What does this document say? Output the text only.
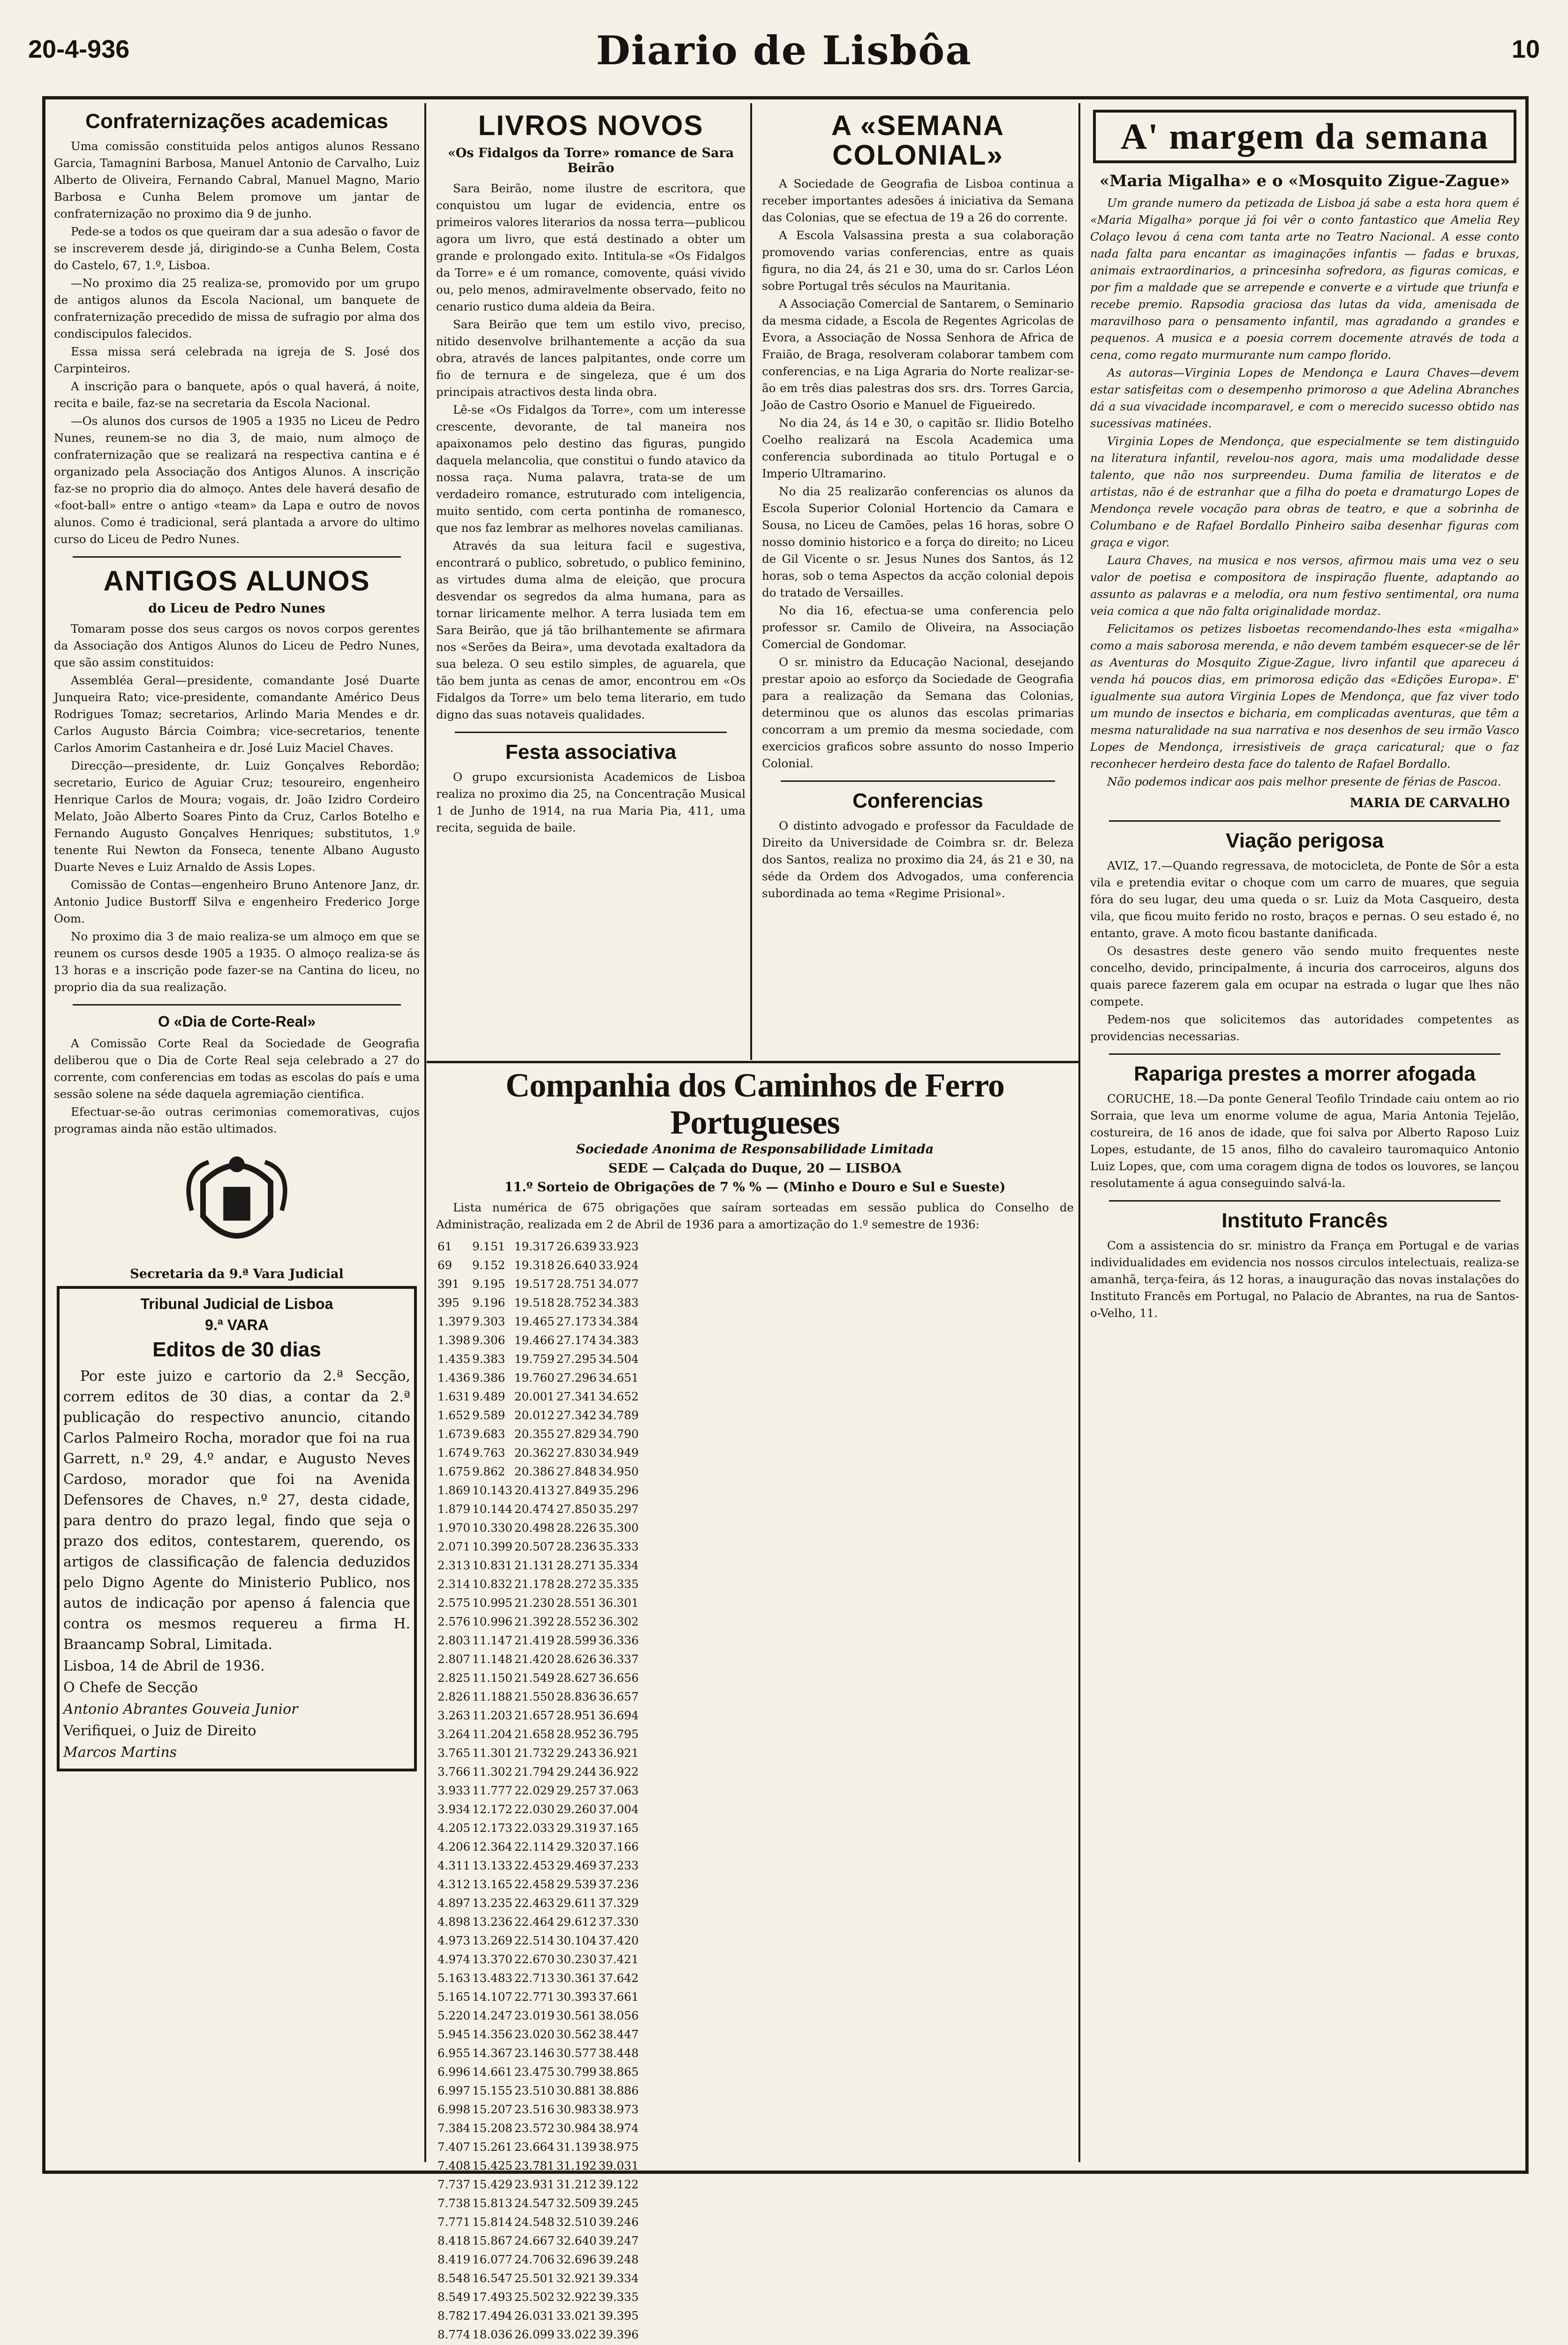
20-4-936	Diario de Lisbôa	10
Confraternizações academicas

Uma comissão constituida pelos antigos alunos Ressano Garcia, Tamagnini Barbosa, Manuel Antonio de Carvalho, Luiz Alberto de Oliveira, Fernando Cabral, Manuel Magno, Mario Barbosa e Cunha Belem promove um jantar de confraternização no proximo dia 9 de junho.

Pede-se a todos os que queiram dar a sua adesão o favor de se inscreverem desde já, dirigindo-se a Cunha Belem, Costa do Castelo, 67, 1.º, Lisboa.

—No proximo dia 25 realiza-se, promovido por um grupo de antigos alunos da Escola Nacional, um banquete de confraternização precedido de missa de sufragio por alma dos condiscipulos falecidos.

Essa missa será celebrada na igreja de S. José dos Carpinteiros.

A inscrição para o banquete, após o qual haverá, á noite, recita e baile, faz-se na secretaria da Escola Nacional.

—Os alunos dos cursos de 1905 a 1935 no Liceu de Pedro Nunes, reunem-se no dia 3, de maio, num almoço de confraternização que se realizará na respectiva cantina e é organizado pela Associação dos Antigos Alunos. A inscrição faz-se no proprio dia do almoço. Antes dele haverá desafio de «foot-ball» entre o antigo «team» da Lapa e outro de novos alunos. Como é tradicional, será plantada a arvore do ultimo curso do Liceu de Pedro Nunes.

ANTIGOS ALUNOS
do Liceu de Pedro Nunes

Tomaram posse dos seus cargos os novos corpos gerentes da Associação dos Antigos Alunos do Liceu de Pedro Nunes, que são assim constituidos:

Assembléa Geral—presidente, comandante José Duarte Junqueira Rato; vice-presidente, comandante Américo Deus Rodrigues Tomaz; secretarios, Arlindo Maria Mendes e dr. Carlos Augusto Bárcia Coimbra; vice-secretarios, tenente Carlos Amorim Castanheira e dr. José Luiz Maciel Chaves.

Direcção—presidente, dr. Luiz Gonçalves Rebordão; secretario, Eurico de Aguiar Cruz; tesoureiro, engenheiro Henrique Carlos de Moura; vogais, dr. João Izidro Cordeiro Melato, João Alberto Soares Pinto da Cruz, Carlos Botelho e Fernando Augusto Gonçalves Henriques; substitutos, 1.º tenente Rui Newton da Fonseca, tenente Albano Augusto Duarte Neves e Luiz Arnaldo de Assis Lopes.

Comissão de Contas—engenheiro Bruno Antenore Janz, dr. Antonio Judice Bustorff Silva e engenheiro Frederico Jorge Oom.

No proximo dia 3 de maio realiza-se um almoço em que se reunem os cursos desde 1905 a 1935. O almoço realiza-se ás 13 horas e a inscrição pode fazer-se na Cantina do liceu, no proprio dia da sua realização.

O «Dia de Corte-Real»

A Comissão Corte Real da Sociedade de Geografia deliberou que o Dia de Corte Real seja celebrado a 27 do corrente, com conferencias em todas as escolas do país e uma sessão solene na séde daquela agremiação cientifica.

Efectuar-se-ão outras cerimonias comemorativas, cujos programas ainda não estão ultimados.

Secretaria da 9.ª Vara Judicial
Tribunal Judicial de Lisboa
9.ª VARA
Editos de 30 dias

Por este juizo e cartorio da 2.ª Secção, correm editos de 30 dias, a contar da 2.ª publicação do respectivo anuncio, citando Carlos Palmeiro Rocha, morador que foi na rua Garrett, n.º 29, 4.º andar, e Augusto Neves Cardoso, morador que foi na Avenida Defensores de Chaves, n.º 27, desta cidade, para dentro do prazo legal, findo que seja o prazo dos editos, contestarem, querendo, os artigos de classificação de falencia deduzidos pelo Digno Agente do Ministerio Publico, nos autos de indicação por apenso á falencia que contra os mesmos requereu a firma H. Braancamp Sobral, Limitada.

Lisboa, 14 de Abril de 1936.

O Chefe de Secção

Antonio Abrantes Gouveia Junior

Verifiquei, o Juiz de Direito

Marcos Martins

LIVROS NOVOS
«Os Fidalgos da Torre» romance de Sara Beirão

Sara Beirão, nome ilustre de escritora, que conquistou um lugar de evidencia, entre os primeiros valores literarios da nossa terra—publicou agora um livro, que está destinado a obter um grande e prolongado exito. Intitula-se «Os Fidalgos da Torre» e é um romance, comovente, quási vivido ou, pelo menos, admiravelmente observado, feito no cenario rustico duma aldeia da Beira.

Sara Beirão que tem um estilo vivo, preciso, nitido desenvolve brilhantemente a acção da sua obra, através de lances palpitantes, onde corre um fio de ternura e de singeleza, que é um dos principais atractivos desta linda obra.

Lê-se «Os Fidalgos da Torre», com um interesse crescente, devorante, de tal maneira nos apaixonamos pelo destino das figuras, pungido daquela melancolia, que constitui o fundo atavico da nossa raça. Numa palavra, trata-se de um verdadeiro romance, estruturado com inteligencia, muito sentido, com certa pontinha de romanesco, que nos faz lembrar as melhores novelas camilianas.

Através da sua leitura facil e sugestiva, encontrará o publico, sobretudo, o publico feminino, as virtudes duma alma de eleição, que procura desvendar os segredos da alma humana, para as tornar liricamente melhor. A terra lusiada tem em Sara Beirão, que já tão brilhantemente se afirmara nos «Serões da Beira», uma devotada exaltadora da sua beleza. O seu estilo simples, de aguarela, que tão bem junta as cenas de amor, encontrou em «Os Fidalgos da Torre» um belo tema literario, em tudo digno das suas notaveis qualidades.

Festa associativa

O grupo excursionista Academicos de Lisboa realiza no proximo dia 25, na Concentração Musical 1 de Junho de 1914, na rua Maria Pia, 411, uma recita, seguida de baile.

A «SEMANA COLONIAL»

A Sociedade de Geografia de Lisboa continua a receber importantes adesões á iniciativa da Semana das Colonias, que se efectua de 19 a 26 do corrente.

A Escola Valsassina presta a sua colaboração promovendo varias conferencias, entre as quais figura, no dia 24, ás 21 e 30, uma do sr. Carlos Léon sobre Portugal três séculos na Mauritania.

A Associação Comercial de Santarem, o Seminario da mesma cidade, a Escola de Regentes Agricolas de Evora, a Associação de Nossa Senhora de Africa de Fraião, de Braga, resolveram colaborar tambem com conferencias, e na Liga Agraria do Norte realizar-se-ão em três dias palestras dos srs. drs. Torres Garcia, João de Castro Osorio e Manuel de Figueiredo.

No dia 24, ás 14 e 30, o capitão sr. Ilidio Botelho Coelho realizará na Escola Academica uma conferencia subordinada ao titulo Portugal e o Imperio Ultramarino.

No dia 25 realizarão conferencias os alunos da Escola Superior Colonial Hortencio da Camara e Sousa, no Liceu de Camões, pelas 16 horas, sobre O nosso dominio historico e a força do direito; no Liceu de Gil Vicente o sr. Jesus Nunes dos Santos, ás 12 horas, sob o tema Aspectos da acção colonial depois do tratado de Versailles.

No dia 16, efectua-se uma conferencia pelo professor sr. Camilo de Oliveira, na Associação Comercial de Gondomar.

O sr. ministro da Educação Nacional, desejando prestar apoio ao esforço da Sociedade de Geografia para a realização da Semana das Colonias, determinou que os alunos das escolas primarias concorram a um premio da mesma sociedade, com exercicios graficos sobre assunto do nosso Imperio Colonial.

Conferencias

O distinto advogado e professor da Faculdade de Direito da Universidade de Coimbra sr. dr. Beleza dos Santos, realiza no proximo dia 24, ás 21 e 30, na séde da Ordem dos Advogados, uma conferencia subordinada ao tema «Regime Prisional».

Companhia dos Caminhos de Ferro Portugueses
Sociedade Anonima de Responsabilidade Limitada
SEDE — Calçada do Duque, 20 — LISBOA
11.º Sorteio de Obrigações de 7 % % — (Minho e Douro e Sul e Sueste)

Lista numérica de 675 obrigações que saíram sorteadas em sessão publica do Conselho de Administração, realizada em 2 de Abril de 1936 para a amortização do 1.º semestre de 1936:

61	9.151	19.317	26.639	33.923
69	9.152	19.318	26.640	33.924
391	9.195	19.517	28.751	34.077
395	9.196	19.518	28.752	34.383
1.397	9.303	19.465	27.173	34.384
1.398	9.306	19.466	27.174	34.383
1.435	9.383	19.759	27.295	34.504
1.436	9.386	19.760	27.296	34.651
1.631	9.489	20.001	27.341	34.652
1.652	9.589	20.012	27.342	34.789
1.673	9.683	20.355	27.829	34.790
1.674	9.763	20.362	27.830	34.949
1.675	9.862	20.386	27.848	34.950
1.869	10.143	20.413	27.849	35.296
1.879	10.144	20.474	27.850	35.297
1.970	10.330	20.498	28.226	35.300
2.071	10.399	20.507	28.236	35.333
2.313	10.831	21.131	28.271	35.334
2.314	10.832	21.178	28.272	35.335
2.575	10.995	21.230	28.551	36.301
2.576	10.996	21.392	28.552	36.302
2.803	11.147	21.419	28.599	36.336
2.807	11.148	21.420	28.626	36.337
2.825	11.150	21.549	28.627	36.656
2.826	11.188	21.550	28.836	36.657
3.263	11.203	21.657	28.951	36.694
3.264	11.204	21.658	28.952	36.795
3.765	11.301	21.732	29.243	36.921
3.766	11.302	21.794	29.244	36.922
3.933	11.777	22.029	29.257	37.063
3.934	12.172	22.030	29.260	37.004
4.205	12.173	22.033	29.319	37.165
4.206	12.364	22.114	29.320	37.166
4.311	13.133	22.453	29.469	37.233
4.312	13.165	22.458	29.539	37.236
4.897	13.235	22.463	29.611	37.329
4.898	13.236	22.464	29.612	37.330
4.973	13.269	22.514	30.104	37.420
4.974	13.370	22.670	30.230	37.421
5.163	13.483	22.713	30.361	37.642
5.165	14.107	22.771	30.393	37.661
5.220	14.247	23.019	30.561	38.056
5.945	14.356	23.020	30.562	38.447
6.955	14.367	23.146	30.577	38.448
6.996	14.661	23.475	30.799	38.865
6.997	15.155	23.510	30.881	38.886
6.998	15.207	23.516	30.983	38.973
7.384	15.208	23.572	30.984	38.974
7.407	15.261	23.664	31.139	38.975
7.408	15.425	23.781	31.192	39.031
7.737	15.429	23.931	31.212	39.122
7.738	15.813	24.547	32.509	39.245
7.771	15.814	24.548	32.510	39.246
8.418	15.867	24.667	32.640	39.247
8.419	16.077	24.706	32.696	39.248
8.548	16.547	25.501	32.921	39.334
8.549	17.493	25.502	32.922	39.335
8.782	17.494	26.031	33.021	39.395
8.774	18.036	26.099	33.022	39.396

A' margem da semana
«Maria Migalha» e o «Mosquito Zigue-Zague»

Um grande numero da petizada de Lisboa já sabe a esta hora quem é «Maria Migalha» porque já foi vêr o conto fantastico que Amelia Rey Colaço levou á cena com tanta arte no Teatro Nacional. A esse conto nada falta para encantar as imaginações infantis — fadas e bruxas, animais extraordinarios, a princesinha sofredora, as figuras comicas, e por fim a maldade que se arrepende e converte e a virtude que triunfa e recebe premio. Rapsodia graciosa das lutas da vida, amenisada de maravilhoso para o pensamento infantil, mas agradando a grandes e pequenos. A musica e a poesia correm docemente através de toda a cena, como regato murmurante num campo florido.

As autoras—Virginia Lopes de Mendonça e Laura Chaves—devem estar satisfeitas com o desempenho primoroso a que Adelina Abranches dá a sua vivacidade incomparavel, e com o merecido sucesso obtido nas sucessivas matinées.

Virginia Lopes de Mendonça, que especialmente se tem distinguido na literatura infantil, revelou-nos agora, mais uma modalidade desse talento, que não nos surpreendeu. Duma familia de literatos e de artistas, não é de estranhar que a filha do poeta e dramaturgo Lopes de Mendonça revele vocação para obras de teatro, e que a sobrinha de Columbano e de Rafael Bordallo Pinheiro saiba desenhar figuras com graça e vigor.

Laura Chaves, na musica e nos versos, afirmou mais uma vez o seu valor de poetisa e compositora de inspiração fluente, adaptando ao assunto as palavras e a melodia, ora num festivo sentimental, ora numa veia comica a que não falta originalidade mordaz.

Felicitamos os petizes lisboetas recomendando-lhes esta «migalha» como a mais saborosa merenda, e não devem também esquecer-se de lêr as Aventuras do Mosquito Zigue-Zague, livro infantil que apareceu á venda há poucos dias, em primorosa edição das «Edições Europa». E' igualmente sua autora Virginia Lopes de Mendonça, que faz viver todo um mundo de insectos e bicharia, em complicadas aventuras, que têm a mesma naturalidade na sua narrativa e nos desenhos de seu irmão Vasco Lopes de Mendonça, irresistiveis de graça caricatural; que o faz reconhecer herdeiro desta face do talento de Rafael Bordallo.

Não podemos indicar aos pais melhor presente de férias de Pascoa.

MARIA DE CARVALHO
Viação perigosa

AVIZ, 17.—Quando regressava, de motocicleta, de Ponte de Sôr a esta vila e pretendia evitar o choque com um carro de muares, que seguia fóra do seu lugar, deu uma queda o sr. Luiz da Mota Casqueiro, desta vila, que ficou muito ferido no rosto, braços e pernas. O seu estado é, no entanto, grave. A moto ficou bastante danificada.

Os desastres deste genero vão sendo muito frequentes neste concelho, devido, principalmente, á incuria dos carroceiros, alguns dos quais parece fazerem gala em ocupar na estrada o lugar que lhes não compete.

Pedem-nos que solicitemos das autoridades competentes as providencias necessarias.

Rapariga prestes a morrer afogada

CORUCHE, 18.—Da ponte General Teofilo Trindade caiu ontem ao rio Sorraia, que leva um enorme volume de agua, Maria Antonia Tejelão, costureira, de 16 anos de idade, que foi salva por Alberto Raposo Luiz Lopes, estudante, de 15 anos, filho do cavaleiro tauromaquico Antonio Luiz Lopes, que, com uma coragem digna de todos os louvores, se lançou resolutamente á agua conseguindo salvá-la.

Instituto Francês

Com a assistencia do sr. ministro da França em Portugal e de varias individualidades em evidencia nos nossos circulos intelectuais, realiza-se amanhã, terça-feira, ás 12 horas, a inauguração das novas instalações do Instituto Francês em Portugal, no Palacio de Abrantes, na rua de Santos-o-Velho, 11.
